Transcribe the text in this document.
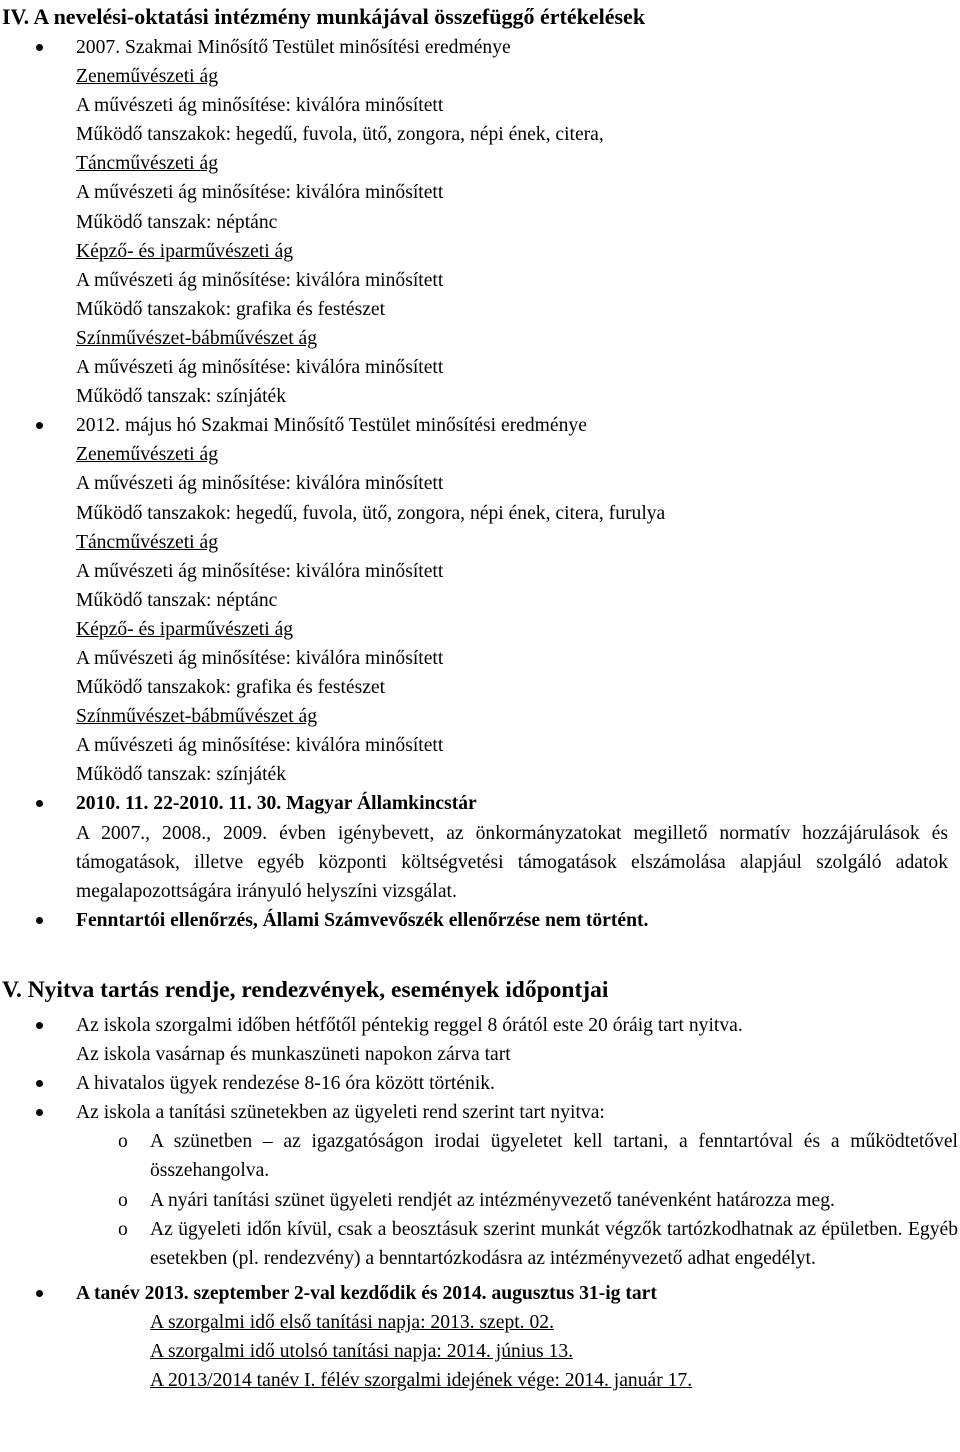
IV. A nevelési-oktatási intézmény munkájával összefüggő értékelések
2007. Szakmai Minősítő Testület minősítési eredménye
Zeneművészeti ág
A művészeti ág minősítése: kiválóra minősített
Működő tanszakok: hegedű, fuvola, ütő, zongora, népi ének, citera,
Táncművészeti ág
A művészeti ág minősítése: kiválóra minősített
Működő tanszak: néptánc
Képző- és iparművészeti ág
A művészeti ág minősítése: kiválóra minősített
Működő tanszakok: grafika és festészet
Színművészet-bábművészet ág
A művészeti ág minősítése: kiválóra minősített
Működő tanszak: színjáték
2012. május hó Szakmai Minősítő Testület minősítési eredménye
Zeneművészeti ág
A művészeti ág minősítése: kiválóra minősített
Működő tanszakok: hegedű, fuvola, ütő, zongora, népi ének, citera, furulya
Táncművészeti ág
A művészeti ág minősítése: kiválóra minősített
Működő tanszak: néptánc
Képző- és iparművészeti ág
A művészeti ág minősítése: kiválóra minősített
Működő tanszakok: grafika és festészet
Színművészet-bábművészet ág
A művészeti ág minősítése: kiválóra minősített
Működő tanszak: színjáték
2010. 11. 22-2010. 11. 30. Magyar Államkincstár
A 2007., 2008., 2009. évben igénybevett, az önkormányzatokat megillető normatív hozzájárulások és támogatások, illetve egyéb központi költségvetési támogatások elszámolása alapjául szolgáló adatok megalapozottságára irányuló helyszíni vizsgálat.
Fenntartói ellenőrzés, Állami Számvevőszék ellenőrzése nem történt.
V. Nyitva tartás rendje, rendezvények, események időpontjai
Az iskola szorgalmi időben hétfőtől péntekig reggel 8 órától este 20 óráig tart nyitva.
Az iskola vasárnap és munkaszüneti napokon zárva tart
A hivatalos ügyek rendezése 8-16 óra között történik.
Az iskola a tanítási szünetekben az ügyeleti rend szerint tart nyitva:
o A szünetben – az igazgatóságon irodai ügyeletet kell tartani, a fenntartóval és a működtetővel összehangolva.
o A nyári tanítási szünet ügyeleti rendjét az intézményvezető tanévenként határozza meg.
o Az ügyeleti időn kívül, csak a beosztásuk szerint munkát végzők tartózkodhatnak az épületben. Egyéb esetekben (pl. rendezvény) a benntartózkodásra az intézményvezető adhat engedélyt.
A tanév 2013. szeptember 2-val kezdődik és 2014. augusztus 31-ig tart
A szorgalmi idő első tanítási napja: 2013. szept. 02.
A szorgalmi idő utolsó tanítási napja: 2014. június 13.
A 2013/2014 tanév I. félév szorgalmi idejének vége: 2014. január 17.
